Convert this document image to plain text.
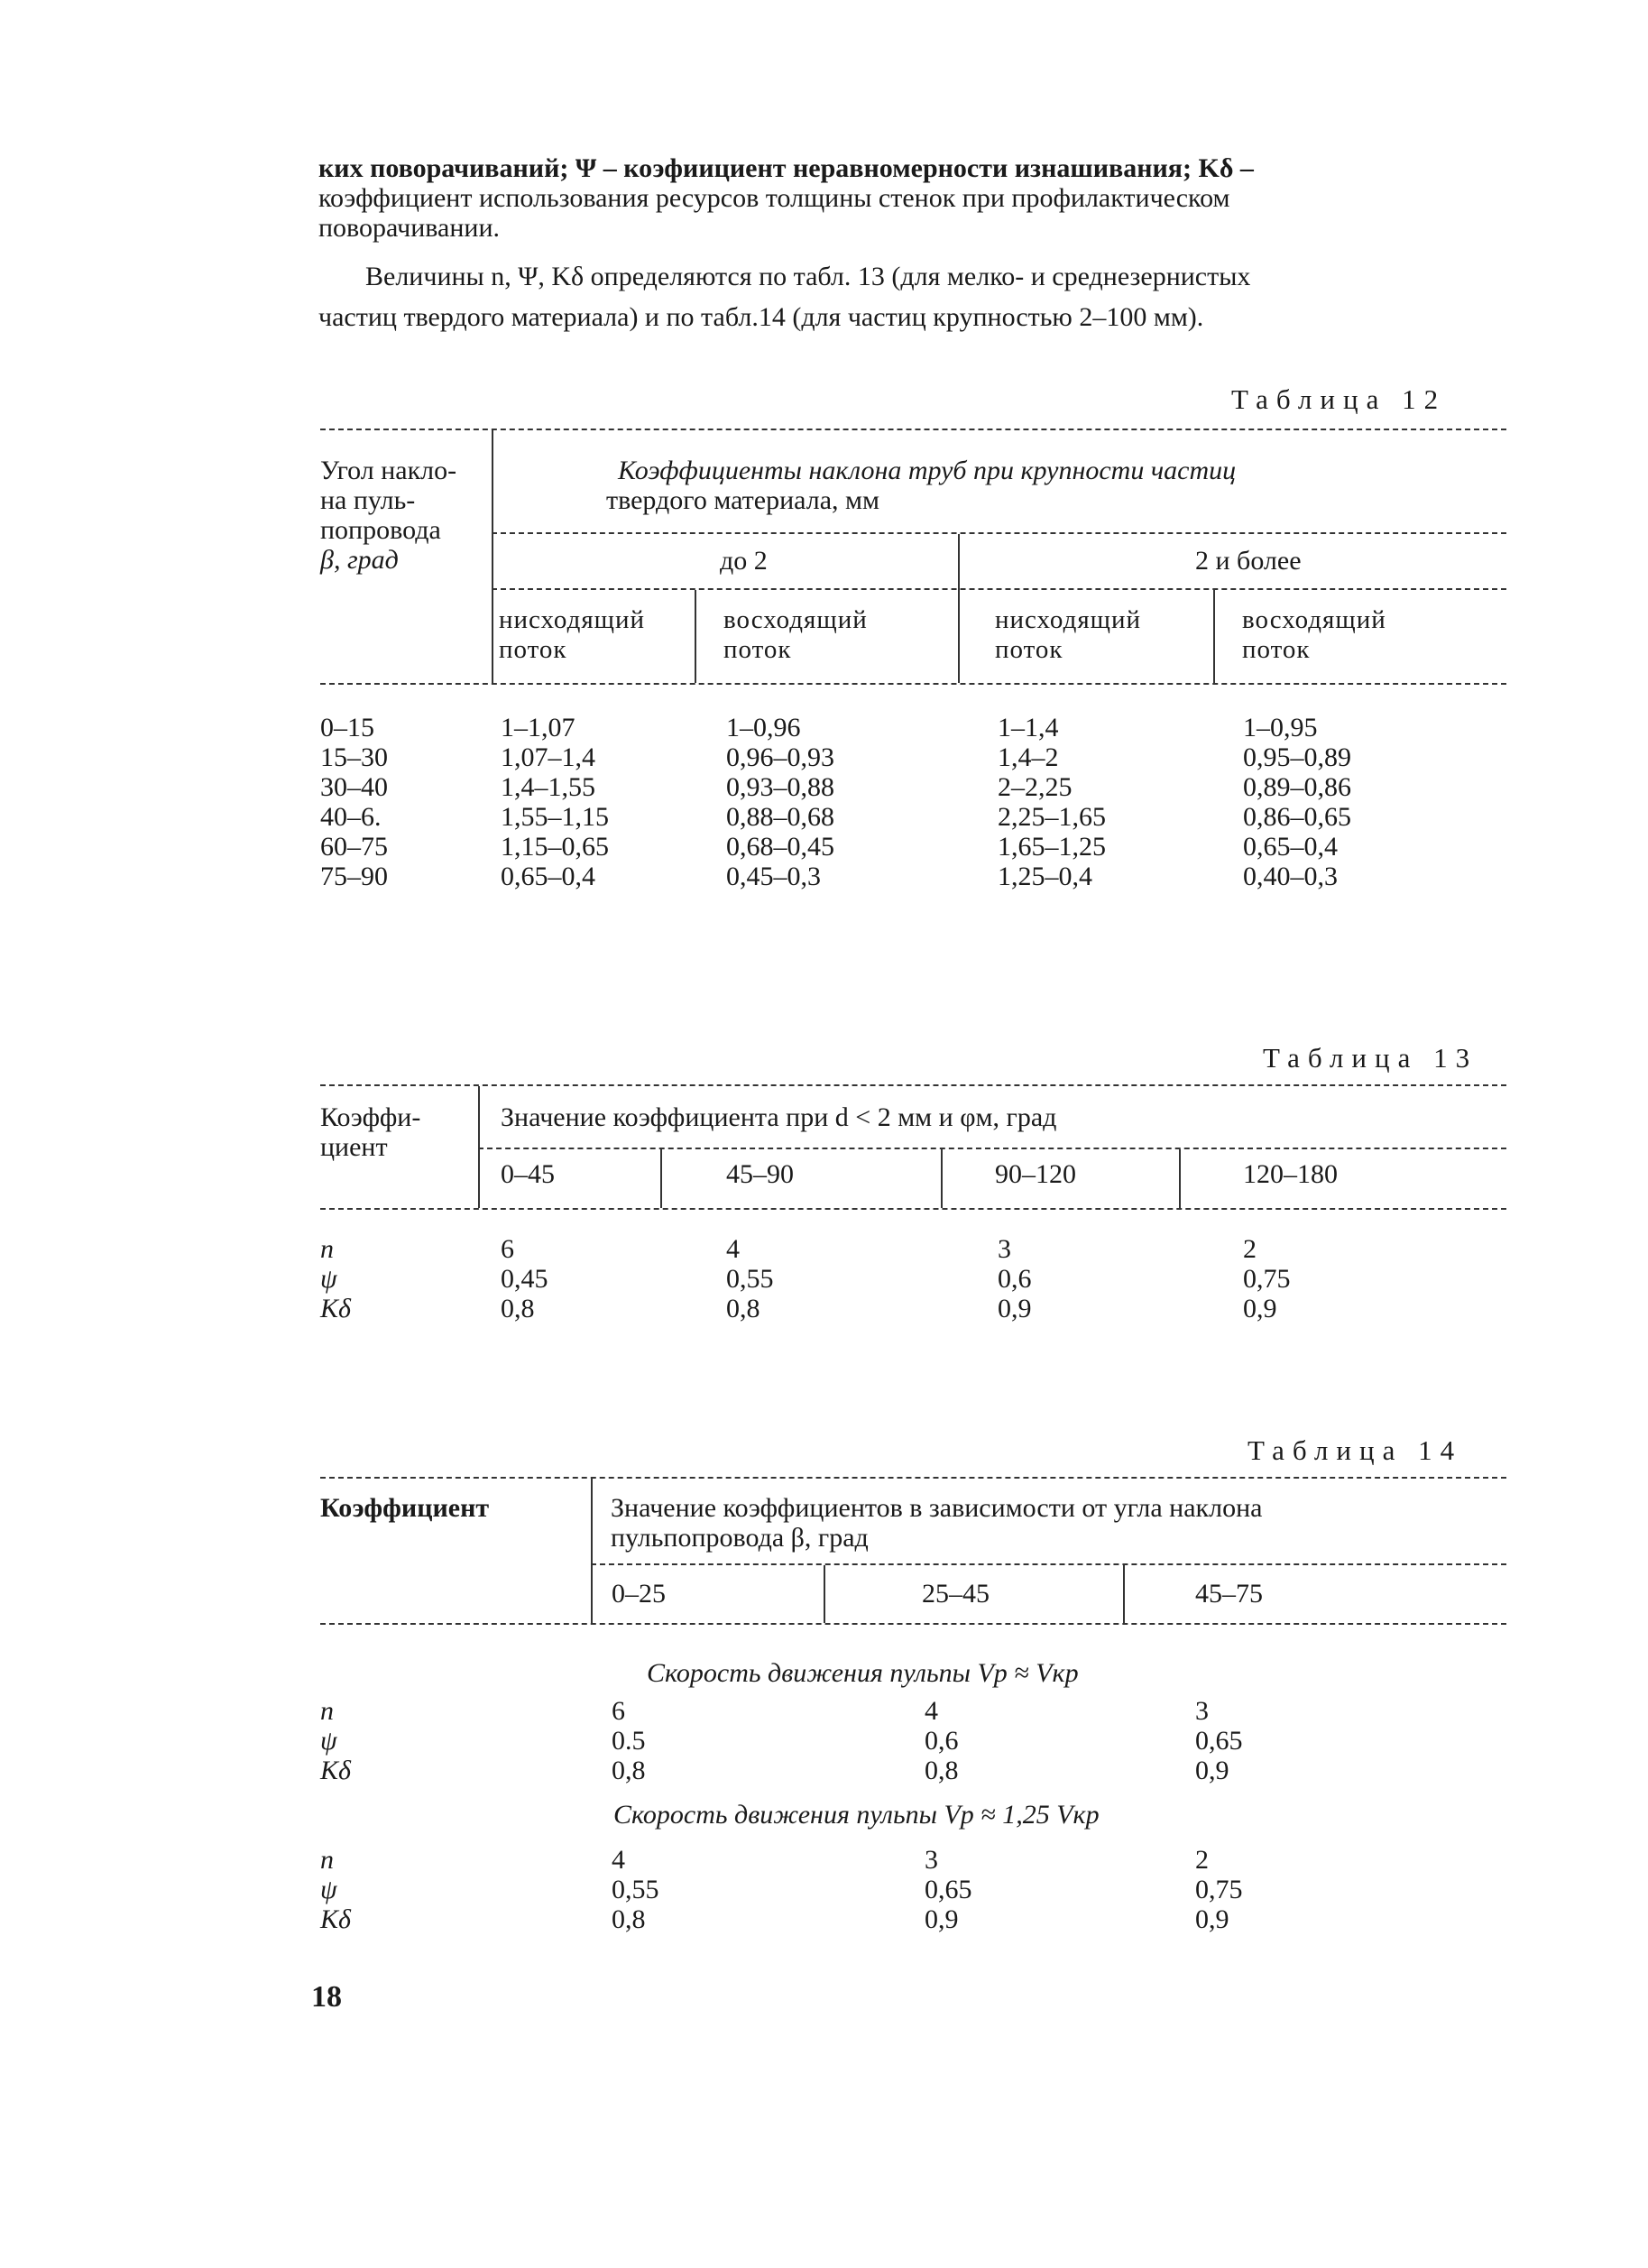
ких поворачиваний; Ψ – коэфиициент неравномерности изнашивания; Kδ –
коэффициент использования ресурсов толщины стенок при профилактическом
поворачивании.
Величины n, Ψ, Kδ определяются по табл. 13 (для мелко- и среднезернистых
частиц твердого материала) и по табл.14 (для частиц крупностью 2–100 мм).
Таблица 12
Угол накло-
на пуль-
попровода
β, град
Коэффициенты наклона труб при крупности частиц
твердого материала, мм
до 2	2 и более
нисходящий
поток
восходящий
поток
нисходящий
поток
восходящий
поток
0–15	1–1,07	1–0,96	1–1,4	1–0,95
15–30	1,07–1,4	0,96–0,93	1,4–2	0,95–0,89
30–40	1,4–1,55	0,93–0,88	2–2,25	0,89–0,86
40–6.	1,55–1,15	0,88–0,68	2,25–1,65	0,86–0,65
60–75	1,15–0,65	0,68–0,45	1,65–1,25	0,65–0,4
75–90	0,65–0,4	0,45–0,3	1,25–0,4	0,40–0,3
Таблица 13
Коэффи-
циент
Значение коэффициента при d < 2 мм и φм, град
0–45	45–90	90–120	120–180
n	6	4	3	2
ψ	0,45	0,55	0,6	0,75
Kδ	0,8	0,8	0,9	0,9
Таблица 14
Коэффициент	Значение коэффициентов в зависимости от угла наклона
пульпопровода β, град
0–25	25–45	45–75
Скорость движения пульпы Vр ≈ Vкр
n	6	4	3
ψ	0.5	0,6	0,65
Kδ	0,8	0,8	0,9
Скорость движения пульпы Vр ≈ 1,25 Vкр
n	4	3	2
ψ	0,55	0,65	0,75
Kδ	0,8	0,9	0,9
18
